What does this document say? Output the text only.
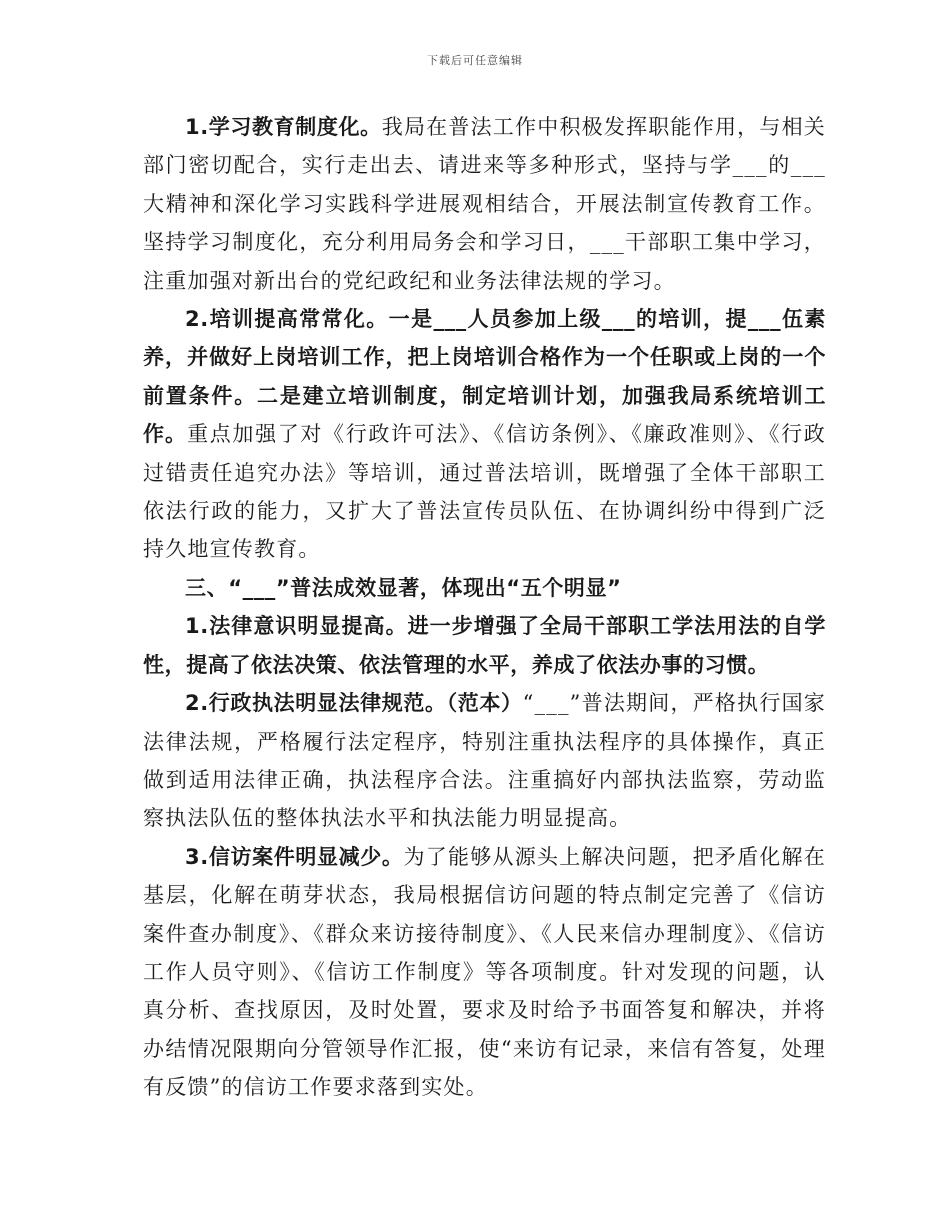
下载后可任意编辑

1.学习教育制度化。我局在普法工作中积极发挥职能作用，与相关部门密切配合，实行走出去、请进来等多种形式，坚持与学___的___大精神和深化学习实践科学进展观相结合，开展法制宣传教育工作。坚持学习制度化，充分利用局务会和学习日，___干部职工集中学习，注重加强对新出台的党纪政纪和业务法律法规的学习。

2.培训提高常常化。一是___人员参加上级___的培训，提___伍素养，并做好上岗培训工作，把上岗培训合格作为一个任职或上岗的一个前置条件。二是建立培训制度，制定培训计划，加强我局系统培训工作。重点加强了对《行政许可法》、《信访条例》、《廉政准则》、《行政过错责任追究办法》等培训，通过普法培训，既增强了全体干部职工依法行政的能力，又扩大了普法宣传员队伍、在协调纠纷中得到广泛持久地宣传教育。

三、“___”普法成效显著，体现出“五个明显”

1.法律意识明显提高。进一步增强了全局干部职工学法用法的自学性，提高了依法决策、依法管理的水平，养成了依法办事的习惯。

2.行政执法明显法律规范。（范本）“___”普法期间，严格执行国家法律法规，严格履行法定程序，特别注重执法程序的具体操作，真正做到适用法律正确，执法程序合法。注重搞好内部执法监察，劳动监察执法队伍的整体执法水平和执法能力明显提高。

3.信访案件明显减少。为了能够从源头上解决问题，把矛盾化解在基层，化解在萌芽状态，我局根据信访问题的特点制定完善了《信访案件查办制度》、《群众来访接待制度》、《人民来信办理制度》、《信访工作人员守则》、《信访工作制度》等各项制度。针对发现的问题，认真分析、查找原因，及时处置，要求及时给予书面答复和解决，并将办结情况限期向分管领导作汇报，使“来访有记录，来信有答复，处理有反馈”的信访工作要求落到实处。
